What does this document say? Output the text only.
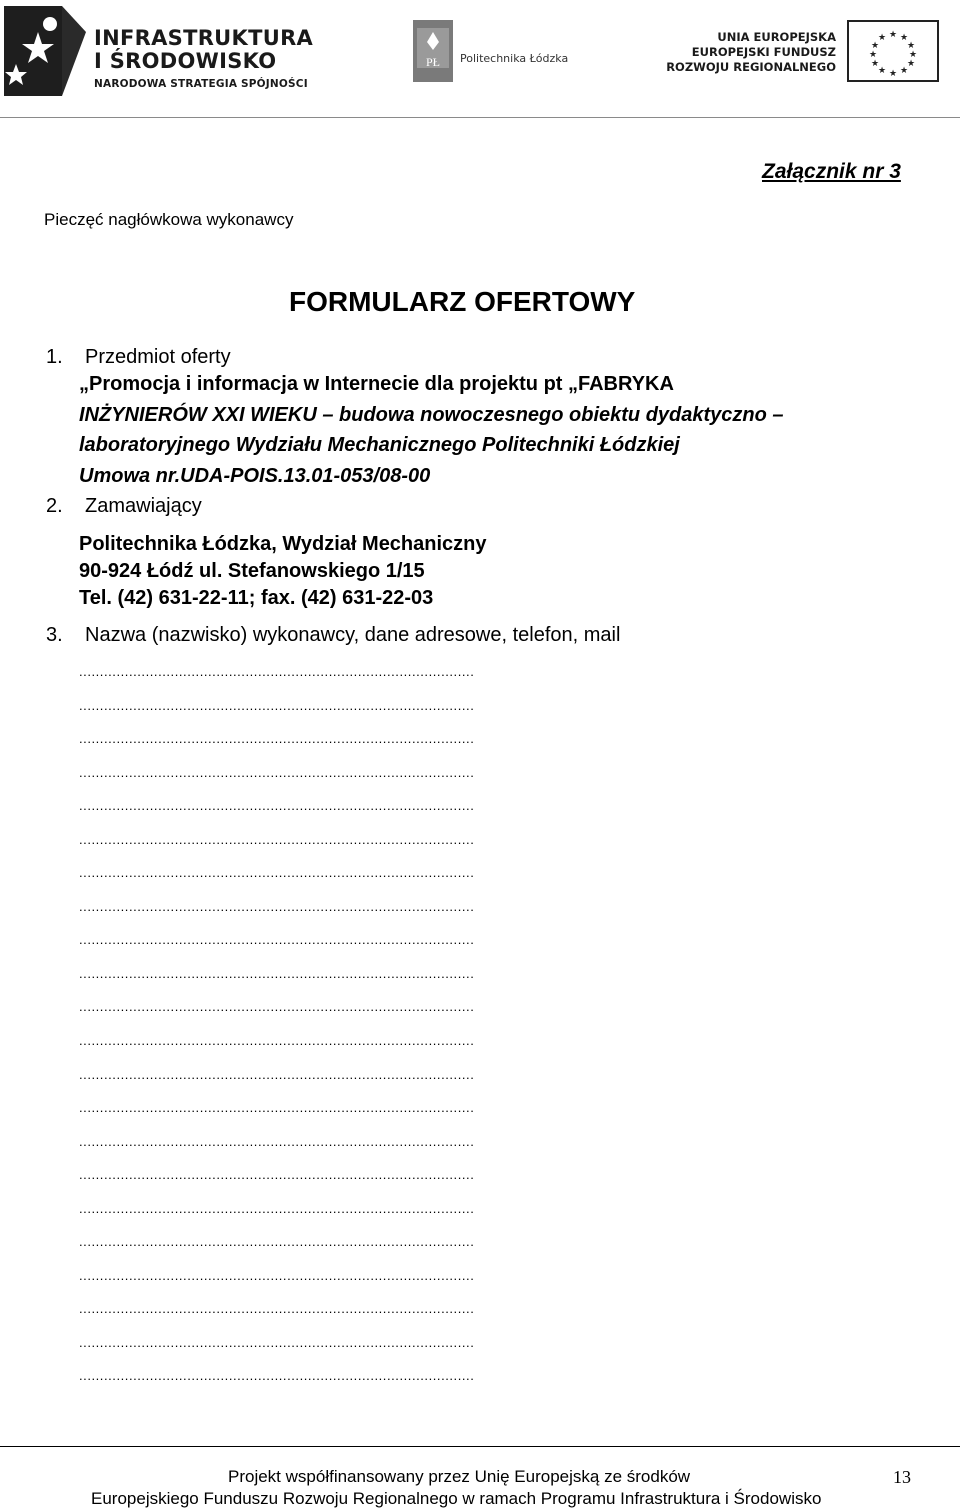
INFRASTRUKTURA
I ŚRODOWISKO
NARODOWA STRATEGIA SPÓJNOŚCI
PŁ Politechnika Łódzka
UNIA EUROPEJSKA
EUROPEJSKI FUNDUSZ
ROZWOJU REGIONALNEGO
★ ★
★
★
★
★
★
★
★
★
★
★
Załącznik nr 3
Pieczęć nagłówkowa wykonawcy
FORMULARZ OFERTOWY
1. Przedmiot oferty
„Promocja i informacja w Internecie dla projektu pt „FABRYKA
INŻYNIERÓW XXI WIEKU – budowa nowoczesnego obiektu dydaktyczno –
laboratoryjnego Wydziału Mechanicznego Politechniki Łódzkiej
Umowa nr.UDA-POIS.13.01-053/08-00
2. Zamawiający
Politechnika Łódzka, Wydział Mechaniczny
90-924 Łódź ul. Stefanowskiego 1/15
Tel. (42) 631-22-11; fax. (42) 631-22-03
3. Nazwa (nazwisko) wykonawcy, dane adresowe, telefon, mail
...............................................................................................
...............................................................................................
...............................................................................................
...............................................................................................
...............................................................................................
...............................................................................................
...............................................................................................
...............................................................................................
...............................................................................................
...............................................................................................
...............................................................................................
...............................................................................................
...............................................................................................
...............................................................................................
...............................................................................................
...............................................................................................
...............................................................................................
...............................................................................................
...............................................................................................
...............................................................................................
...............................................................................................
...............................................................................................
Projekt współfinansowany przez Unię Europejską ze środków
Europejskiego Funduszu Rozwoju Regionalnego w ramach Programu Infrastruktura i Środowisko
13
